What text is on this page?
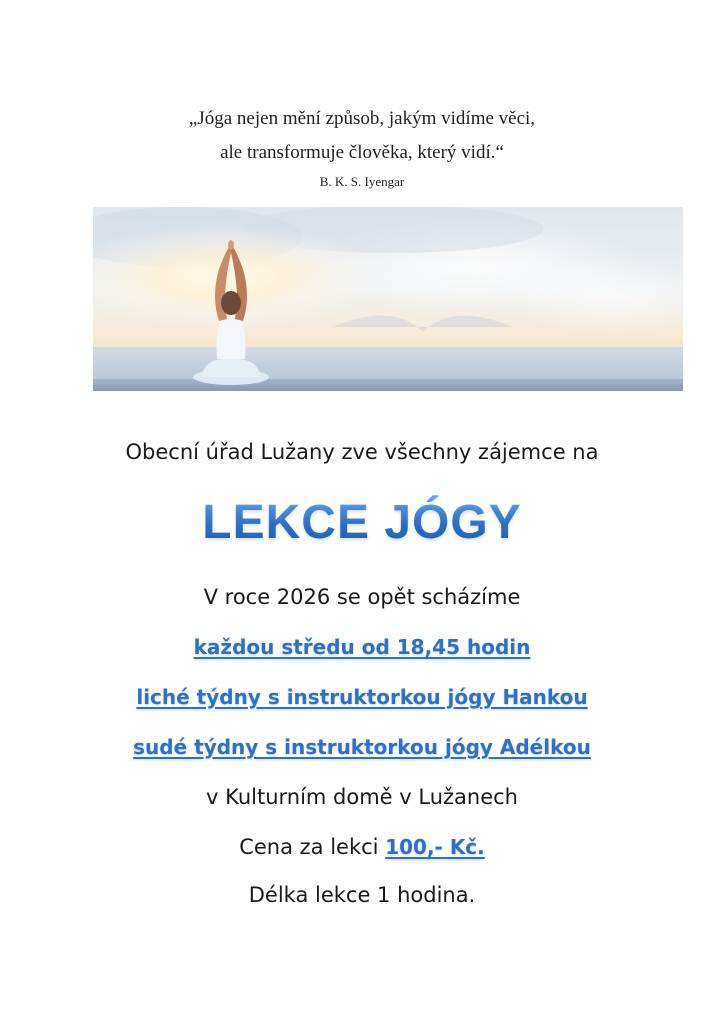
„Jóga nejen mění způsob, jakým vidíme věci,
ale transformuje člověka, který vidí.“
B. K. S. Iyengar
Obecní úřad Lužany zve všechny zájemce na
LEKCE JÓGY
V roce 2026 se opět scházíme
každou středu od 18,45 hodin
liché týdny s instruktorkou jógy Hankou
sudé týdny s instruktorkou jógy Adélkou
v Kulturním domě v Lužanech
Cena za lekci 100,- Kč.
Délka lekce 1 hodina.
